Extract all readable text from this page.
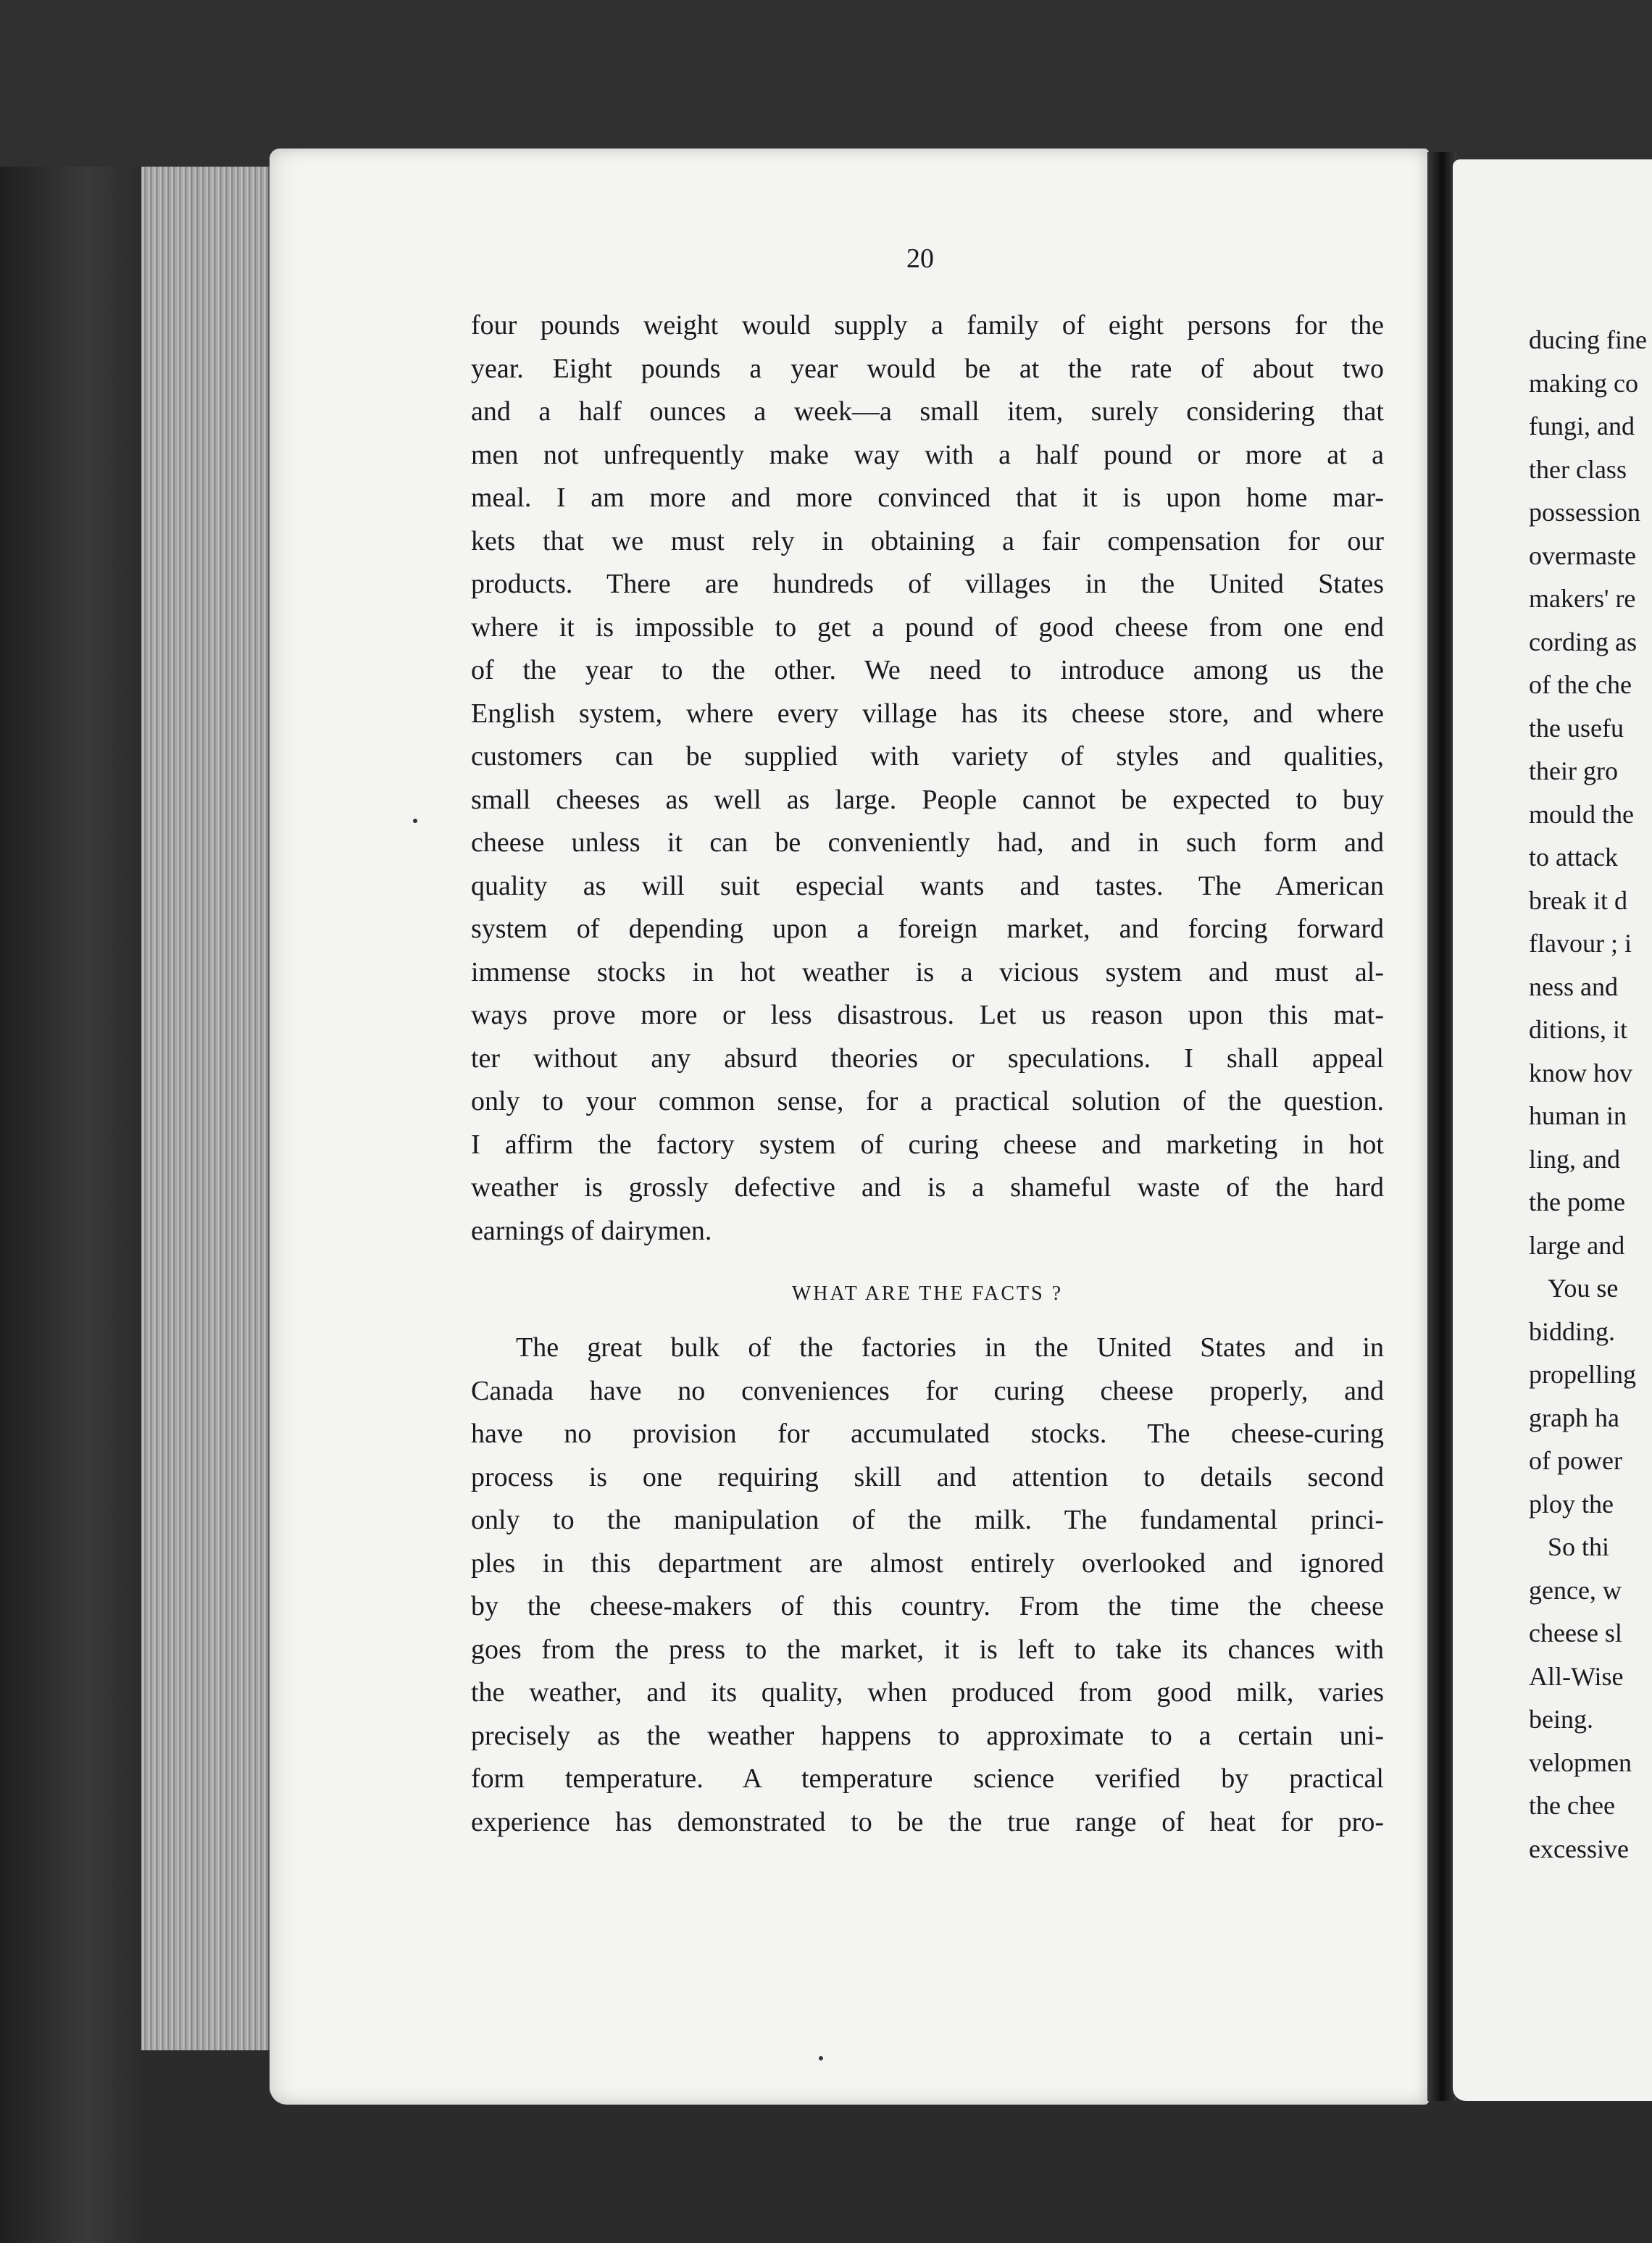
20
four pounds weight would supply a family of eight persons for the
year. Eight pounds a year would be at the rate of about two
and a half ounces a week—a small item, surely considering that
men not unfrequently make way with a half pound or more at a
meal. I am more and more convinced that it is upon home mar-
kets that we must rely in obtaining a fair compensation for our
products. There are hundreds of villages in the United States
where it is impossible to get a pound of good cheese from one end
of the year to the other. We need to introduce among us the
English system, where every village has its cheese store, and where
customers can be supplied with variety of styles and qualities,
small cheeses as well as large. People cannot be expected to buy
cheese unless it can be conveniently had, and in such form and
quality as will suit especial wants and tastes. The American
system of depending upon a foreign market, and forcing forward
immense stocks in hot weather is a vicious system and must al-
ways prove more or less disastrous. Let us reason upon this mat-
ter without any absurd theories or speculations. I shall appeal
only to your common sense, for a practical solution of the question.
I affirm the factory system of curing cheese and marketing in hot
weather is grossly defective and is a shameful waste of the hard
earnings of dairymen.
WHAT ARE THE FACTS ?
The great bulk of the factories in the United States and in
Canada have no conveniences for curing cheese properly, and
have no provision for accumulated stocks. The cheese-curing
process is one requiring skill and attention to details second
only to the manipulation of the milk. The fundamental princi-
ples in this department are almost entirely overlooked and ignored
by the cheese-makers of this country. From the time the cheese
goes from the press to the market, it is left to take its chances with
the weather, and its quality, when produced from good milk, varies
precisely as the weather happens to approximate to a certain uni-
form temperature. A temperature science verified by practical
experience has demonstrated to be the true range of heat for pro-
ducing fine
making co
fungi, and
ther class
possession
overmaste
makers' re
cording as
of the che
the usefu
their gro
mould the
to attack
break it d
flavour ; i
ness and
ditions, it
know hov
human in
ling, and
the pome
large and
You se
bidding.
propelling
graph ha
of power
ploy the
So thi
gence, w
cheese sl
All-Wise
being.
velopmen
the chee
excessive
